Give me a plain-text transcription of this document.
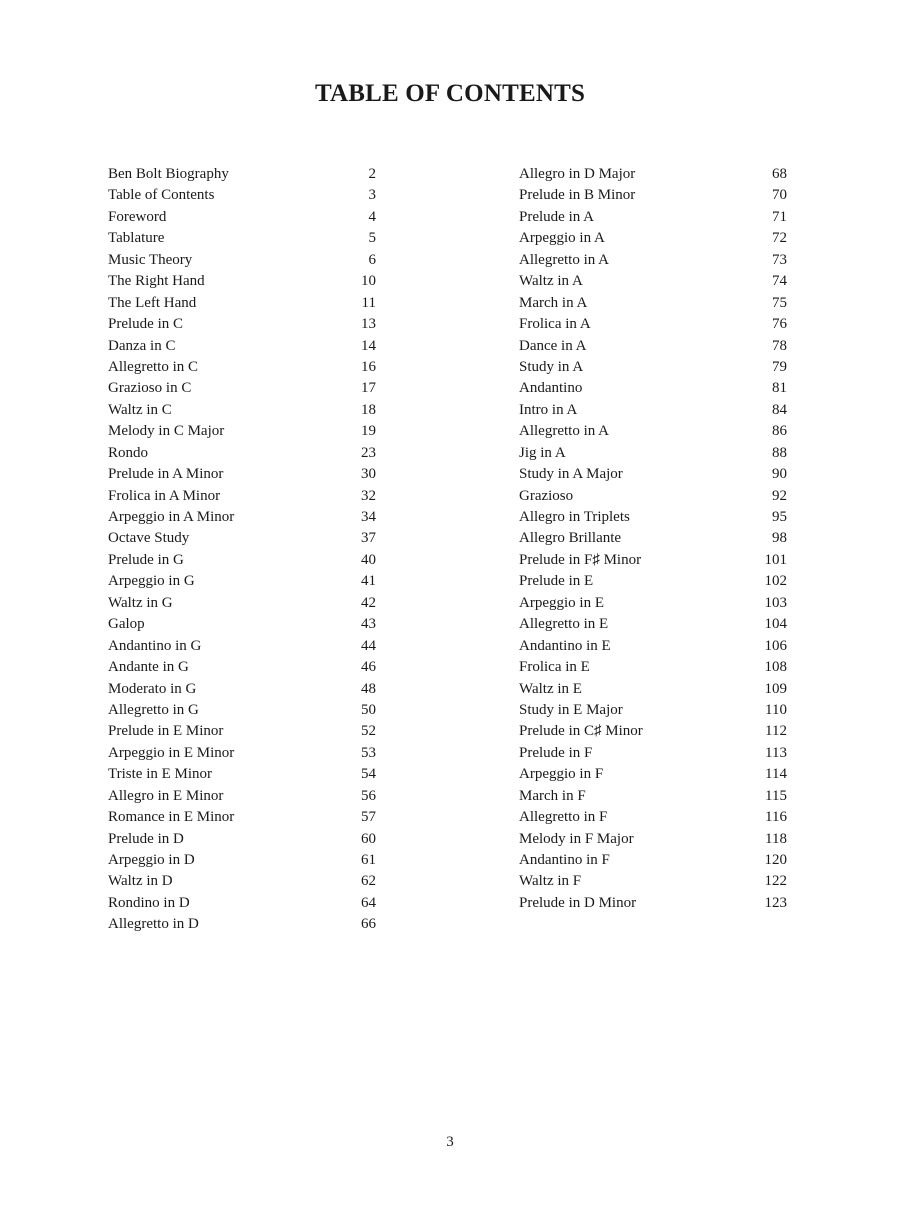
TABLE OF CONTENTS
Ben Bolt Biography	2
Table of Contents	3
Foreword	4
Tablature	5
Music Theory	6
The Right Hand	10
The Left Hand	11
Prelude in C	13
Danza in C	14
Allegretto in C	16
Grazioso in C	17
Waltz in C	18
Melody in C Major	19
Rondo	23
Prelude in A Minor	30
Frolica in A Minor	32
Arpeggio in A Minor	34
Octave Study	37
Prelude in G	40
Arpeggio in G	41
Waltz in G	42
Galop	43
Andantino in G	44
Andante in G	46
Moderato in G	48
Allegretto in G	50
Prelude in E Minor	52
Arpeggio in E Minor	53
Triste in E Minor	54
Allegro in E Minor	56
Romance in E Minor	57
Prelude in D	60
Arpeggio in D	61
Waltz in D	62
Rondino in D	64
Allegretto in D	66
Allegro in D Major	68
Prelude in B Minor	70
Prelude in A	71
Arpeggio in A	72
Allegretto in A	73
Waltz in A	74
March in A	75
Frolica in A	76
Dance in A	78
Study in A	79
Andantino	81
Intro in A	84
Allegretto in A	86
Jig in A	88
Study in A Major	90
Grazioso	92
Allegro in Triplets	95
Allegro Brillante	98
Prelude in F♯ Minor	101
Prelude in E	102
Arpeggio in E	103
Allegretto in E	104
Andantino in E	106
Frolica in E	108
Waltz in E	109
Study in E Major	110
Prelude in C♯ Minor	112
Prelude in F	113
Arpeggio in F	114
March in F	115
Allegretto in F	116
Melody in F Major	118
Andantino in F	120
Waltz in F	122
Prelude in D Minor	123
3
